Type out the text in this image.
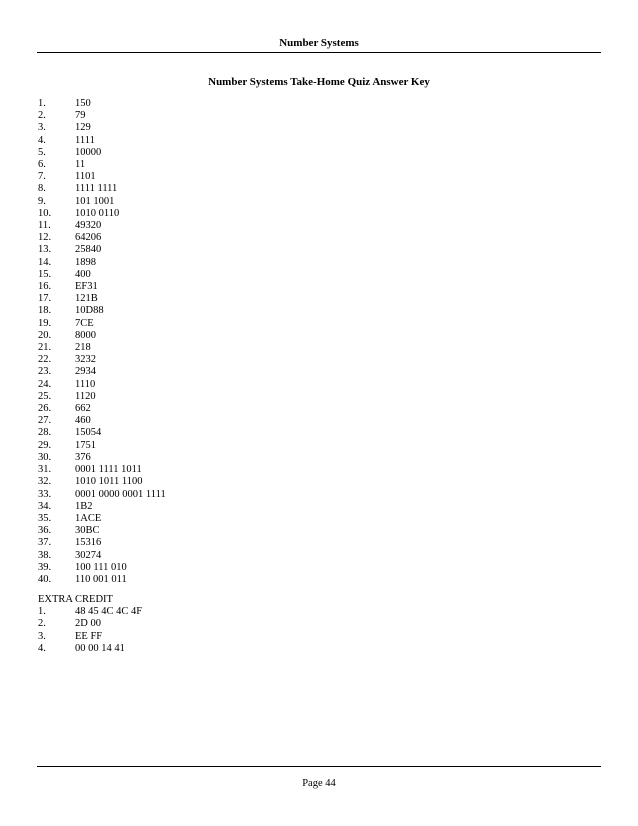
Number Systems
Number Systems Take-Home Quiz Answer Key
1.	150
2.	79
3.	129
4.	1111
5.	10000
6.	11
7.	1101
8.	1111 1111
9.	101 1001
10.	1010 0110
11.	49320
12.	64206
13.	25840
14.	1898
15.	400
16.	EF31
17.	121B
18.	10D88
19.	7CE
20.	8000
21.	218
22.	3232
23.	2934
24.	1110
25.	1120
26.	662
27.	460
28.	15054
29.	1751
30.	376
31.	0001 1111 1011
32.	1010 1011 1100
33.	0001 0000 0001 1111
34.	1B2
35.	1ACE
36.	30BC
37.	15316
38.	30274
39.	100 111 010
40.	110 001 011
EXTRA CREDIT
1.	48 45 4C 4C 4F
2.	2D 00
3.	EE FF
4.	00 00 14 41
Page 44
